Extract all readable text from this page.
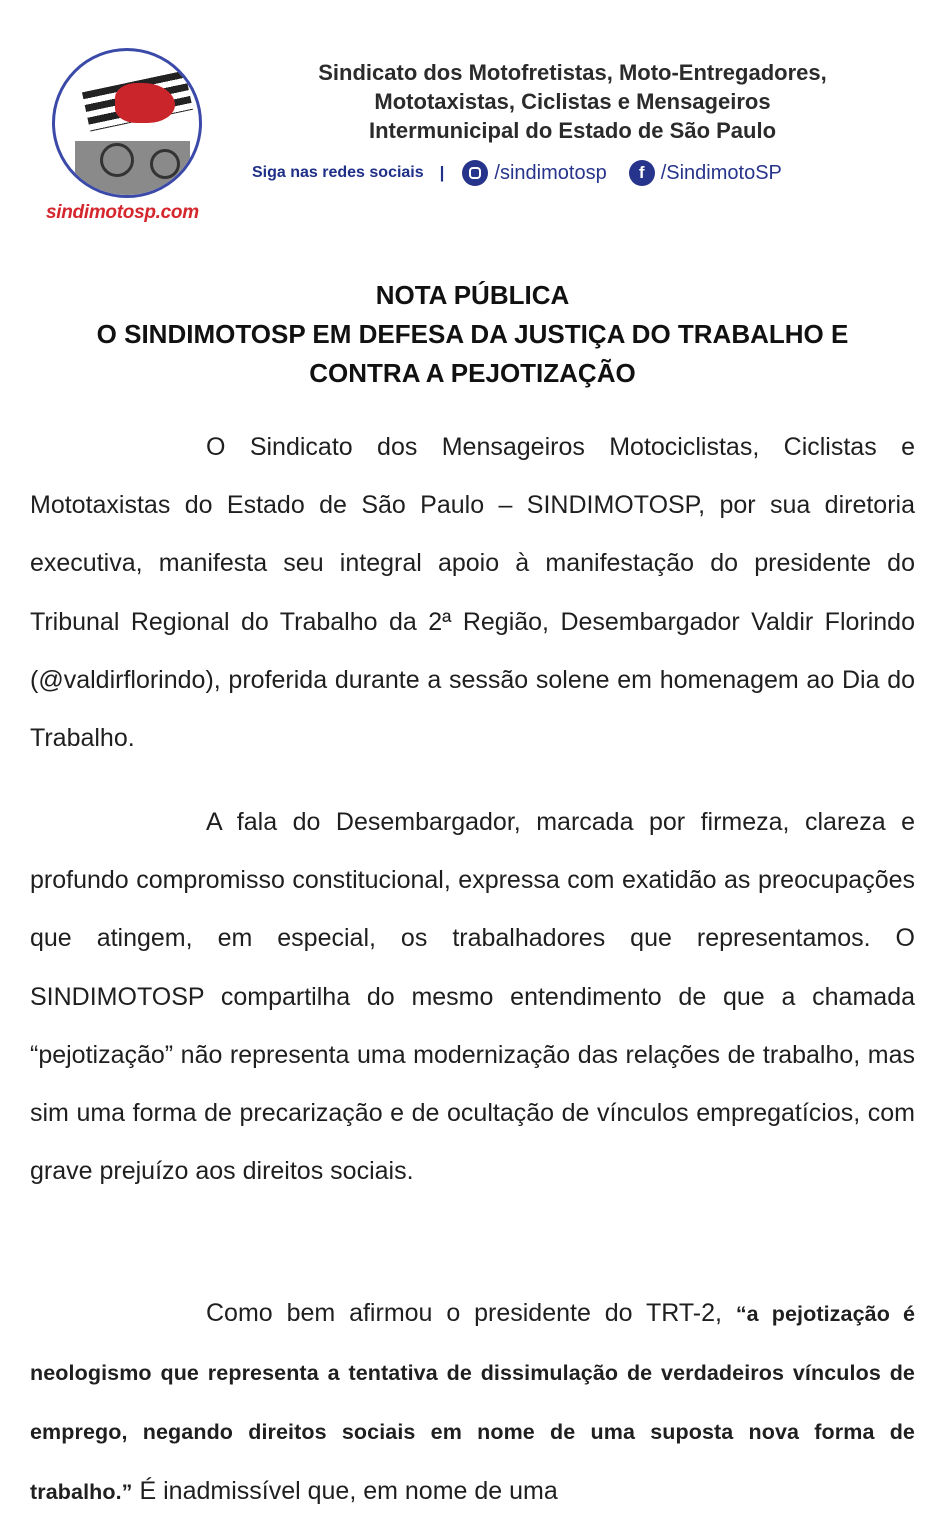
sindimotosp.com
Sindicato dos Motofretistas, Moto-Entregadores,
Mototaxistas, Ciclistas e Mensageiros
Intermunicipal do Estado de São Paulo
Siga nas redes sociais |	/sindimotosp	f /SindimotoSP
NOTA PÚBLICA
O SINDIMOTOSP EM DEFESA DA JUSTIÇA DO TRABALHO E
CONTRA A PEJOTIZAÇÃO
O Sindicato dos Mensageiros Motociclistas, Ciclistas e Mototaxistas do Estado de São Paulo – SINDIMOTOSP, por sua diretoria executiva, manifesta seu integral apoio à manifestação do presidente do Tribunal Regional do Trabalho da 2ª Região, Desembargador Valdir Florindo (@valdirflorindo), proferida durante a sessão solene em homenagem ao Dia do Trabalho.
A fala do Desembargador, marcada por firmeza, clareza e profundo compromisso constitucional, expressa com exatidão as preocupações que atingem, em especial, os trabalhadores que representamos. O SINDIMOTOSP compartilha do mesmo entendimento de que a chamada “pejotização” não representa uma modernização das relações de trabalho, mas sim uma forma de precarização e de ocultação de vínculos empregatícios, com grave prejuízo aos direitos sociais.
Como bem afirmou o presidente do TRT-2, “a pejotização é neologismo que representa a tentativa de dissimulação de verdadeiros vínculos de emprego, negando direitos sociais em nome de uma suposta nova forma de trabalho.” É inadmissível que, em nome de uma
